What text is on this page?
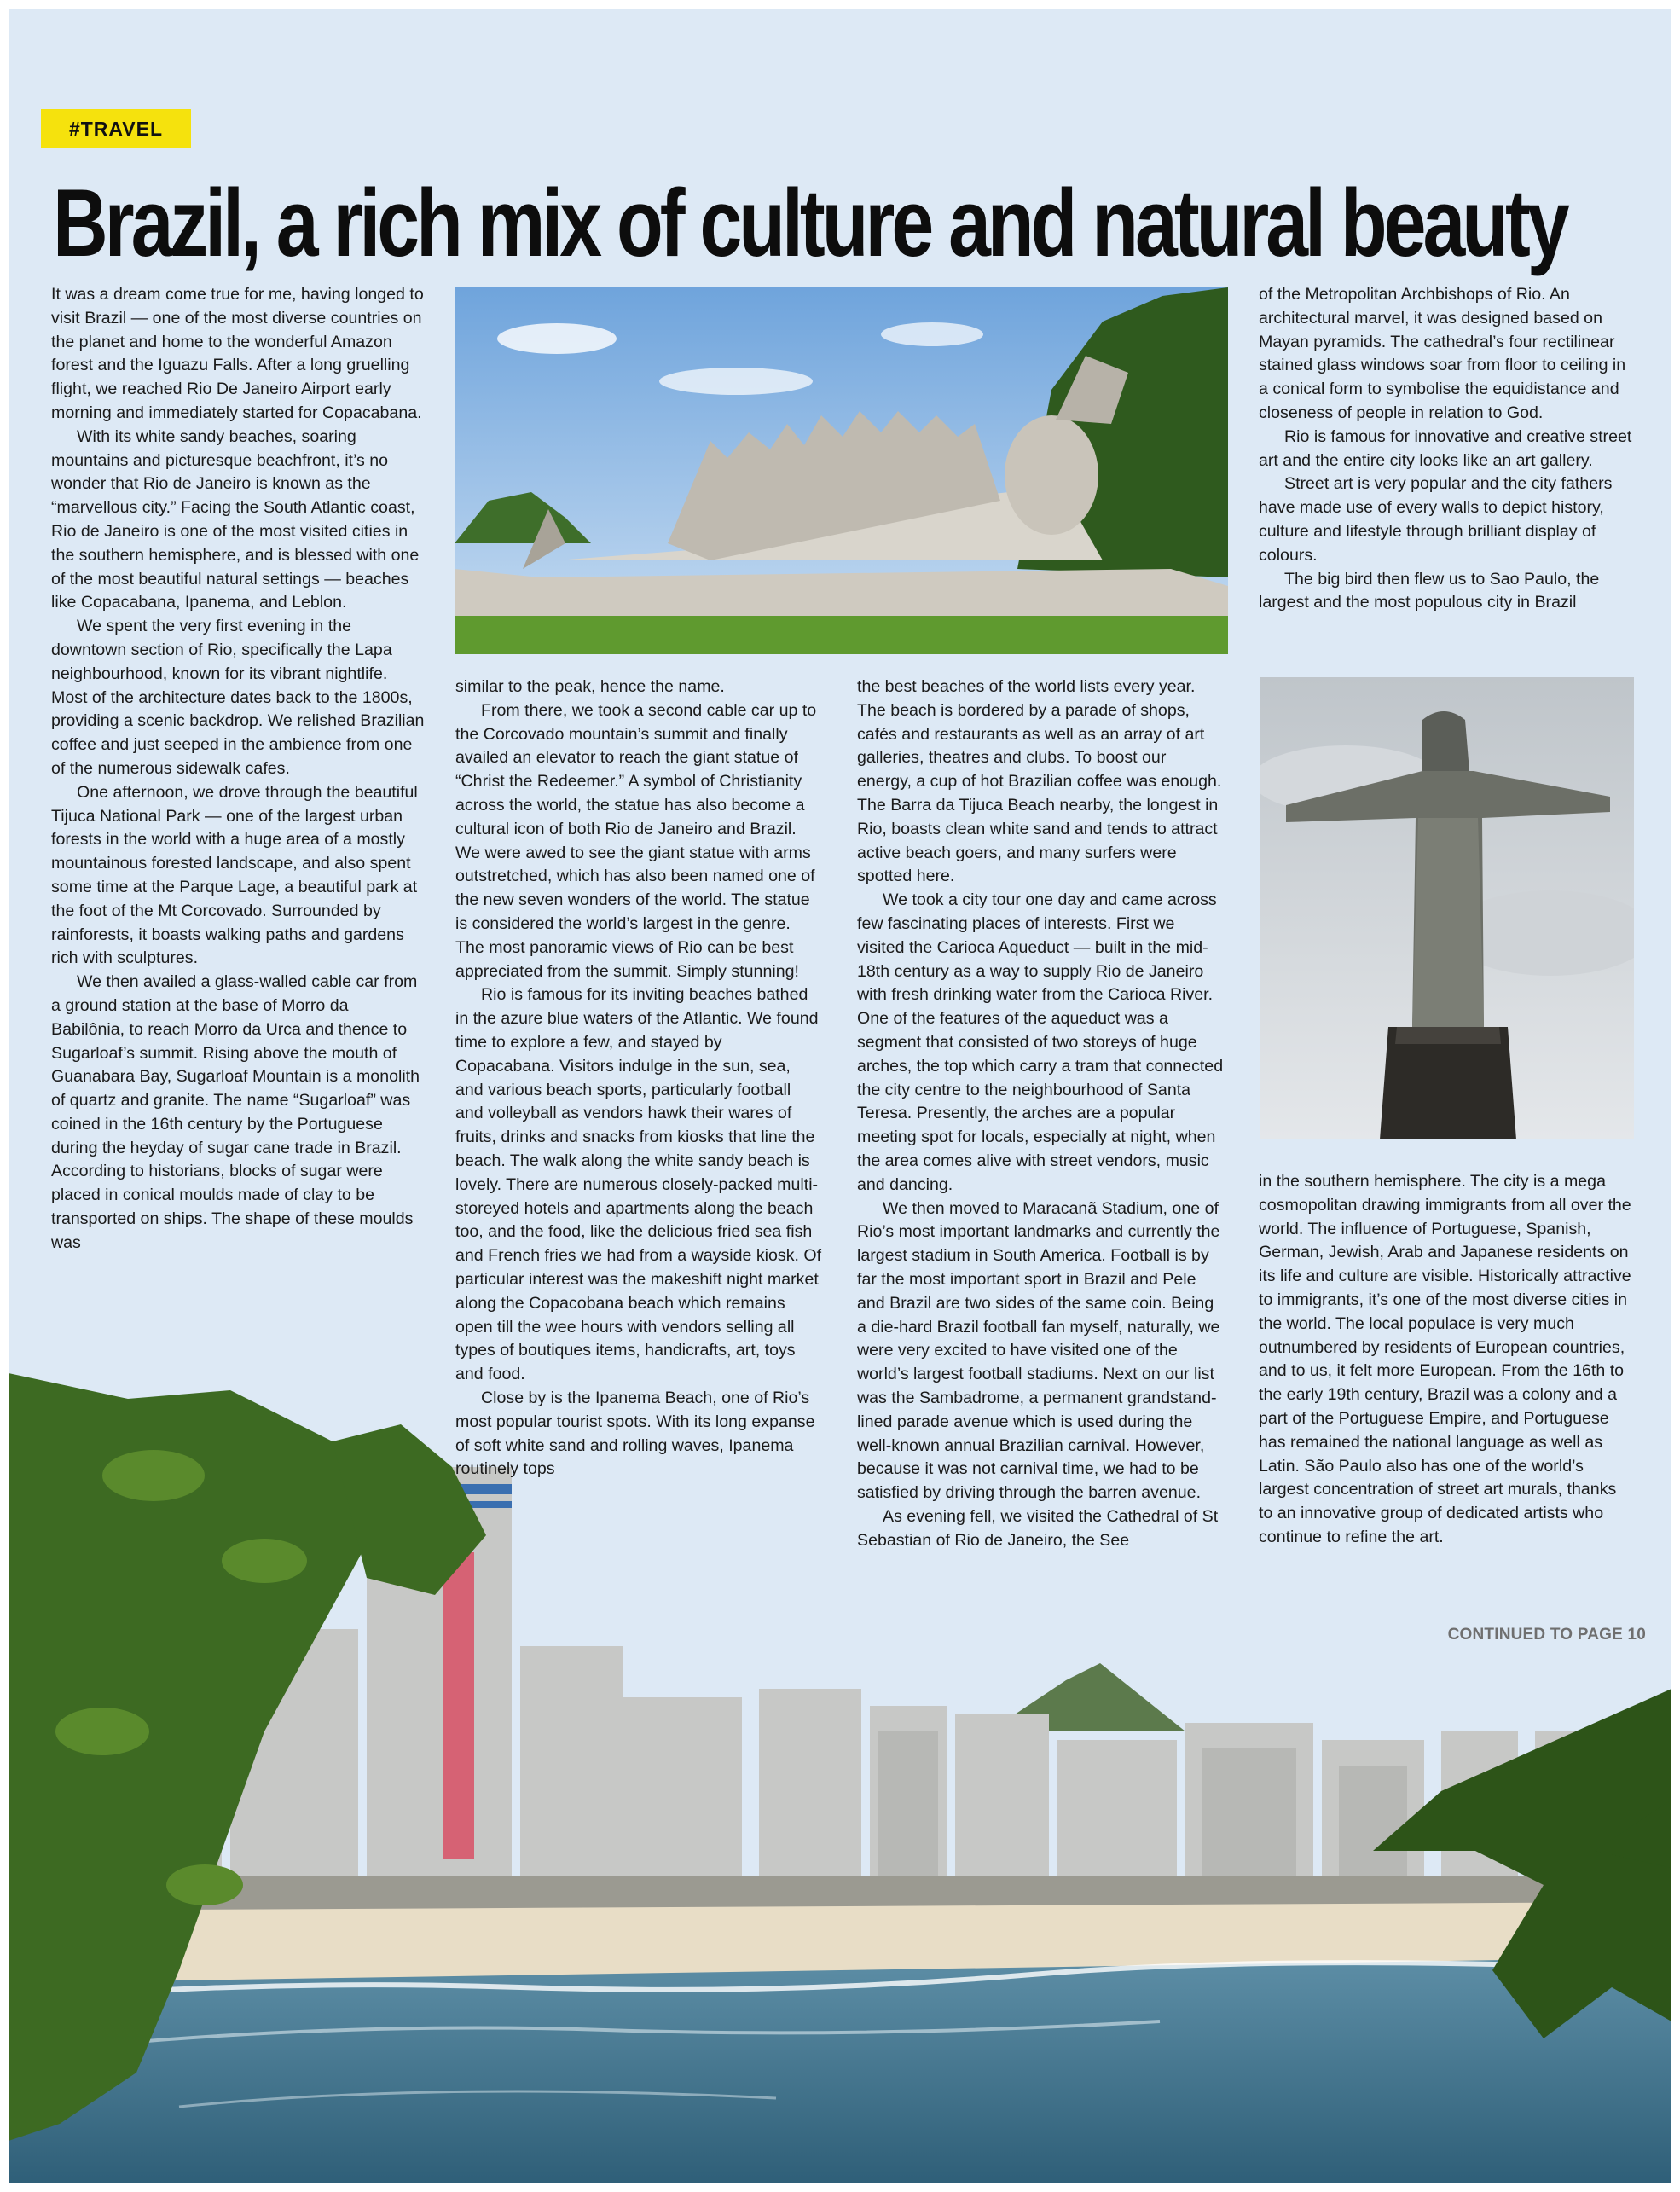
#TRAVEL
Brazil, a rich mix of culture and natural beauty

It was a dream come true for me, having longed to visit Brazil — one of the most diverse countries on the planet and home to the wonderful Amazon forest and the Iguazu Falls. After a long gruelling flight, we reached Rio De Janeiro Airport early morning and immediately started for Copacabana.

With its white sandy beaches, soaring mountains and picturesque beachfront, it’s no wonder that Rio de Janeiro is known as the “marvellous city.” Facing the South Atlantic coast, Rio de Janeiro is one of the most visited cities in the southern hemisphere, and is blessed with one of the most beautiful natural settings — beaches like Copacabana, Ipanema, and Leblon.

We spent the very first evening in the downtown section of Rio, specifically the Lapa neighbourhood, known for its vibrant nightlife. Most of the architecture dates back to the 1800s, providing a scenic backdrop. We relished Brazilian coffee and just seeped in the ambience from one of the numerous sidewalk cafes.

One afternoon, we drove through the beautiful Tijuca National Park — one of the largest urban forests in the world with a huge area of a mostly mountainous forested landscape, and also spent some time at the Parque Lage, a beautiful park at the foot of the Mt Corcovado. Surrounded by rainforests, it boasts walking paths and gardens rich with sculptures.

We then availed a glass-walled cable car from a ground station at the base of Morro da Babilônia, to reach Morro da Urca and thence to Sugarloaf’s summit. Rising above the mouth of Guanabara Bay, Sugarloaf Mountain is a monolith of quartz and granite. The name “Sugarloaf” was coined in the 16th century by the Portuguese during the heyday of sugar cane trade in Brazil. According to historians, blocks of sugar were placed in conical moulds made of clay to be transported on ships. The shape of these moulds was

similar to the peak, hence the name.

From there, we took a second cable car up to the Corcovado mountain’s summit and finally availed an elevator to reach the giant statue of “Christ the Redeemer.” A symbol of Christianity across the world, the statue has also become a cultural icon of both Rio de Janeiro and Brazil. We were awed to see the giant statue with arms outstretched, which has also been named one of the new seven wonders of the world. The statue is considered the world’s largest in the genre. The most panoramic views of Rio can be best appreciated from the summit. Simply stunning!

Rio is famous for its inviting beaches bathed in the azure blue waters of the Atlantic. We found time to explore a few, and stayed by Copacabana. Visitors indulge in the sun, sea, and various beach sports, particularly football and volleyball as vendors hawk their wares of fruits, drinks and snacks from kiosks that line the beach. The walk along the white sandy beach is lovely. There are numerous closely-packed multi-storeyed hotels and apartments along the beach too, and the food, like the delicious fried sea fish and French fries we had from a wayside kiosk. Of particular interest was the makeshift night market along the Copacobana beach which remains open till the wee hours with vendors selling all types of boutiques items, handicrafts, art, toys and food.

Close by is the Ipanema Beach, one of Rio’s most popular tourist spots. With its long expanse of soft white sand and rolling waves, Ipanema routinely tops

the best beaches of the world lists every year. The beach is bordered by a parade of shops, cafés and restaurants as well as an array of art galleries, theatres and clubs. To boost our energy, a cup of hot Brazilian coffee was enough. The Barra da Tijuca Beach nearby, the longest in Rio, boasts clean white sand and tends to attract active beach goers, and many surfers were spotted here.

We took a city tour one day and came across few fascinating places of interests. First we visited the Carioca Aqueduct — built in the mid-18th century as a way to supply Rio de Janeiro with fresh drinking water from the Carioca River. One of the features of the aqueduct was a segment that consisted of two storeys of huge arches, the top which carry a tram that connected the city centre to the neighbourhood of Santa Teresa. Presently, the arches are a popular meeting spot for locals, especially at night, when the area comes alive with street vendors, music and dancing.

We then moved to Maracanã Stadium, one of Rio’s most important landmarks and currently the largest stadium in South America. Football is by far the most important sport in Brazil and Pele and Brazil are two sides of the same coin. Being a die-hard Brazil football fan myself, naturally, we were very excited to have visited one of the world’s largest football stadiums. Next on our list was the Sambadrome, a permanent grandstand-lined parade avenue which is used during the well-known annual Brazilian carnival. However, because it was not carnival time, we had to be satisfied by driving through the barren avenue.

As evening fell, we visited the Cathedral of St Sebastian of Rio de Janeiro, the See

of the Metropolitan Archbishops of Rio. An architectural marvel, it was designed based on Mayan pyramids. The cathedral’s four rectilinear stained glass windows soar from floor to ceiling in a conical form to symbolise the equidistance and closeness of people in relation to God.

Rio is famous for innovative and creative street art and the entire city looks like an art gallery.

Street art is very popular and the city fathers have made use of every walls to depict history, culture and lifestyle through brilliant display of colours.

The big bird then flew us to Sao Paulo, the largest and the most populous city in Brazil

in the southern hemisphere. The city is a mega cosmopolitan drawing immigrants from all over the world. The influence of Portuguese, Spanish, German, Jewish, Arab and Japanese residents on its life and culture are visible. Historically attractive to immigrants, it’s one of the most diverse cities in the world. The local populace is very much outnumbered by residents of European countries, and to us, it felt more European. From the 16th to the early 19th century, Brazil was a colony and a part of the Portuguese Empire, and Portuguese has remained the national language as well as Latin. São Paulo also has one of the world’s largest concentration of street art murals, thanks to an innovative group of dedicated artists who continue to refine the art.

CONTINUED TO PAGE 10
